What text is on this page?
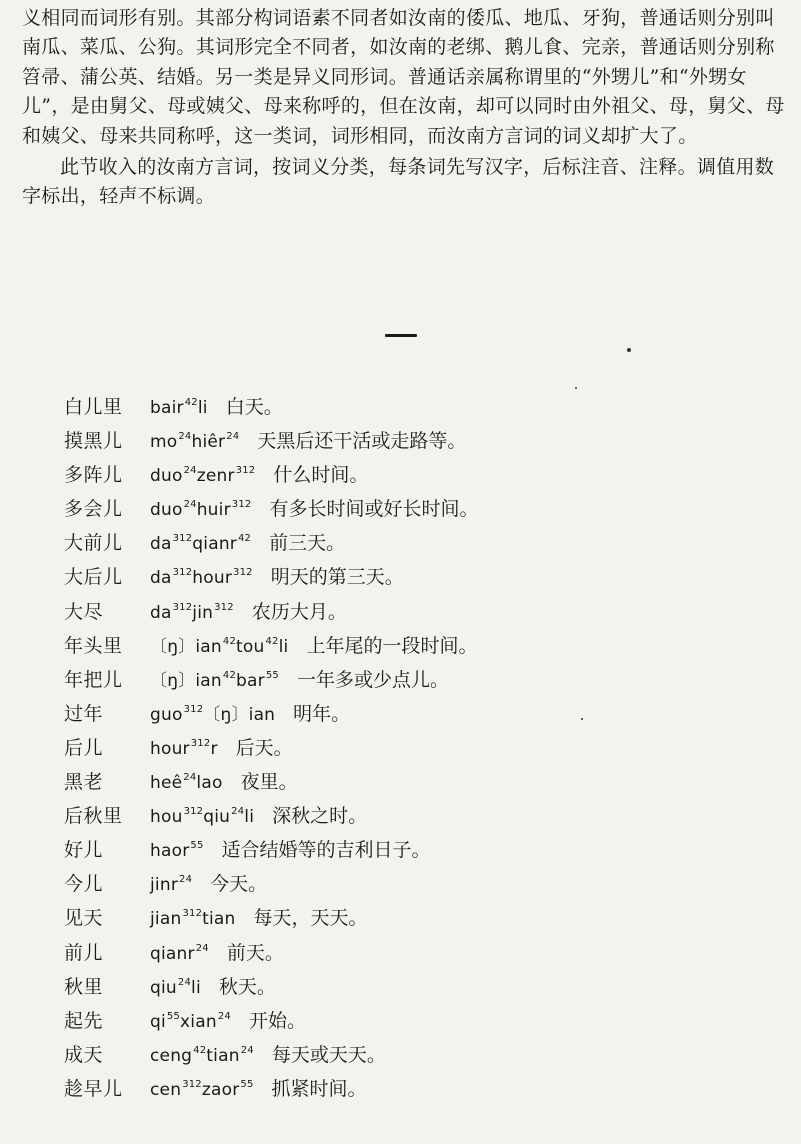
义相同而词形有别。其部分构词语素不同者如汝南的倭瓜、地瓜、牙狗，普通话则分别叫南瓜、菜瓜、公狗。其词形完全不同者，如汝南的老绑、鹅儿食、完亲，普通话则分别称笤帚、蒲公英、结婚。另一类是异义同形词。普通话亲属称谓里的“外甥儿”和“外甥女儿”，是由舅父、母或姨父、母来称呼的，但在汝南，却可以同时由外祖父、母，舅父、母和姨父、母来共同称呼，这一类词，词形相同，而汝南方言词的词义却扩大了。

此节收入的汝南方言词，按词义分类，每条词先写汉字，后标注音、注释。调值用数字标出，轻声不标调。

白儿里 bair$^{42}$li 白天。
摸黑儿 $mo^{24}hiêr^{24}$ 天黑后还干活或走路等。
多阵儿 duo$^{24}$zenr$^{312}$ 什么时间。
多会儿 duo$^{24}$huir$^{312}$ 有多长时间或好长时间。
大前儿 $da^{312}qianr^{42}$ 前三天。
大后儿 $da^{312}hour^{312}$ 明天的第三天。
大尽	$da^{312}jin^{312}$ 农历大月。
年头里 〔ŋ〕ian$^{42}$tou$^{42}$li 上年尾的一段时间。
年把儿 〔ŋ〕ian$^{42}$bar$^{55}$ 一年多或少点儿。
过年	guo$^{312}$〔ŋ〕ian 明年。
后儿	hour$^{312}$r 后天。
黑老	heê$^{24}$lao 夜里。
后秋里 hou$^{312}$qiu$^{24}$li 深秋之时。
好儿	haor$^{55}$ 适合结婚等的吉利日子。
今儿	jinr$^{24}$ 今天。
见天	jian$^{312}$tian 每天，天天。
前儿	qianr$^{24}$ 前天。
秋里	qiu$^{24}$li 秋天。
起先	$qi^{55}xian^{24}$ 开始。
成天	ceng$^{42}$tian$^{24}$ 每天或天天。
趁早儿 cen$^{312}$zaor$^{55}$ 抓紧时间。
